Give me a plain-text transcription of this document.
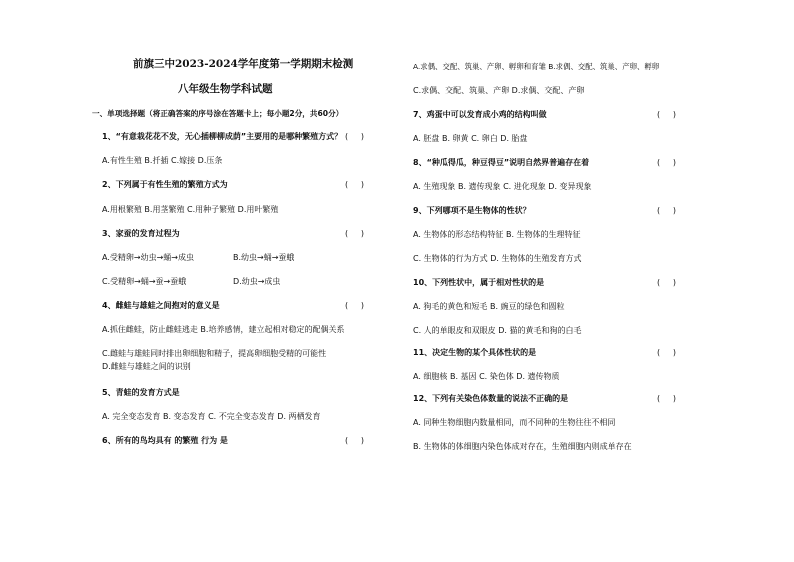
前旗三中2023-2024学年度第一学期期末检测
八年级生物学科试题
一、单项选择题（将正确答案的序号涂在答题卡上；每小题2分，共60分）
1、“有意栽花花不发，无心插柳柳成荫”主要用的是哪种繁殖方式？ (     )
A.有性生殖 B.扦插 C.嫁接 D.压条
2、下列属于有性生殖的繁殖方式为	(     )
A.用根繁殖 B.用茎繁殖 C.用种子繁殖 D.用叶繁殖
3、家蚕的发育过程为	(     )
A.受精卵→幼虫→蛹→成虫	B.幼虫→蛹→蚕蛾
C.受精卵→蛹→蚕→蚕蛾	D.幼虫→成虫
4、雌蛙与雄蛙之间抱对的意义是	(     )
A.抓住雌蛙，防止雌蛙逃走 B.培养感情，建立起相对稳定的配偶关系
C.雌蛙与雄蛙同时排出卵细胞和精子，提高卵细胞受精的可能性
D.雌蛙与雄蛙之间的识别
5、青蛙的发育方式是
A. 完全变态发育 B. 变态发育 C. 不完全变态发育 D. 两栖发育
6、所有的鸟均具有 的繁殖 行为 是	(     )
A.求偶、交配、筑巢、产卵、孵卵和育雏 B.求偶、交配、筑巢、产卵、孵卵
C.求偶、交配、筑巢、产卵 D.求偶、交配、产卵
7、鸡蛋中可以发育成小鸡的结构叫做	(     )
A. 胚盘 B. 卵黄 C. 卵白 D. 胎盘
8、“种瓜得瓜，种豆得豆”说明自然界普遍存在着	(     )
A. 生殖现象 B. 遗传现象 C. 进化现象 D. 变异现象
9、下列哪项不是生物体的性状？	(     )
A. 生物体的形态结构特征 B. 生物体的生理特征
C. 生物体的行为方式 D. 生物体的生殖发育方式
10、下列性状中，属于相对性状的是	(     )
A. 狗毛的黄色和短毛 B. 豌豆的绿色和圆粒
C. 人的单眼皮和双眼皮 D. 猫的黄毛和狗的白毛
11、决定生物的某个具体性状的是	(     )
A. 细胞核 B. 基因 C. 染色体 D. 遗传物质
12、下列有关染色体数量的说法不正确的是	(     )
A. 同种生物细胞内数量相同，而不同种的生物往往不相同
B. 生物体的体细胞内染色体成对存在，生殖细胞内则成单存在
